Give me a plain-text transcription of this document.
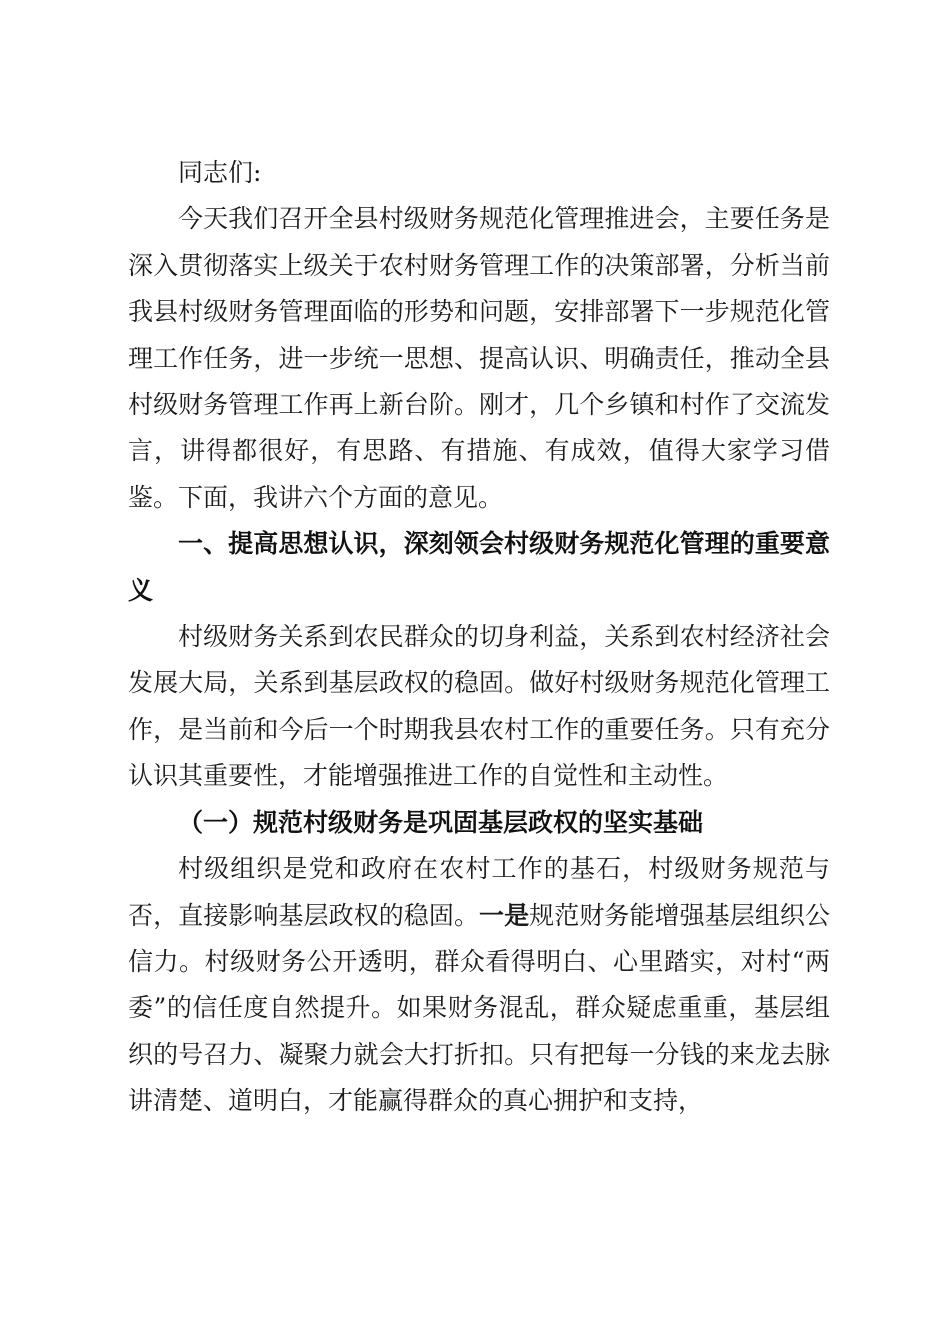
同志们:

今天我们召开全县村级财务规范化管理推进会，主要任务是深入贯彻落实上级关于农村财务管理工作的决策部署，分析当前我县村级财务管理面临的形势和问题，安排部署下一步规范化管理工作任务，进一步统一思想、提高认识、明确责任，推动全县村级财务管理工作再上新台阶。刚才，几个乡镇和村作了交流发言，讲得都很好，有思路、有措施、有成效，值得大家学习借鉴。下面，我讲六个方面的意见。

一、提高思想认识，深刻领会村级财务规范化管理的重要意义

村级财务关系到农民群众的切身利益，关系到农村经济社会发展大局，关系到基层政权的稳固。做好村级财务规范化管理工作，是当前和今后一个时期我县农村工作的重要任务。只有充分认识其重要性，才能增强推进工作的自觉性和主动性。

（一）规范村级财务是巩固基层政权的坚实基础

村级组织是党和政府在农村工作的基石，村级财务规范与否，直接影响基层政权的稳固。一是规范财务能增强基层组织公信力。村级财务公开透明，群众看得明白、心里踏实，对村“两委”的信任度自然提升。如果财务混乱，群众疑虑重重，基层组织的号召力、凝聚力就会大打折扣。只有把每一分钱的来龙去脉讲清楚、道明白，才能赢得群众的真心拥护和支持，
